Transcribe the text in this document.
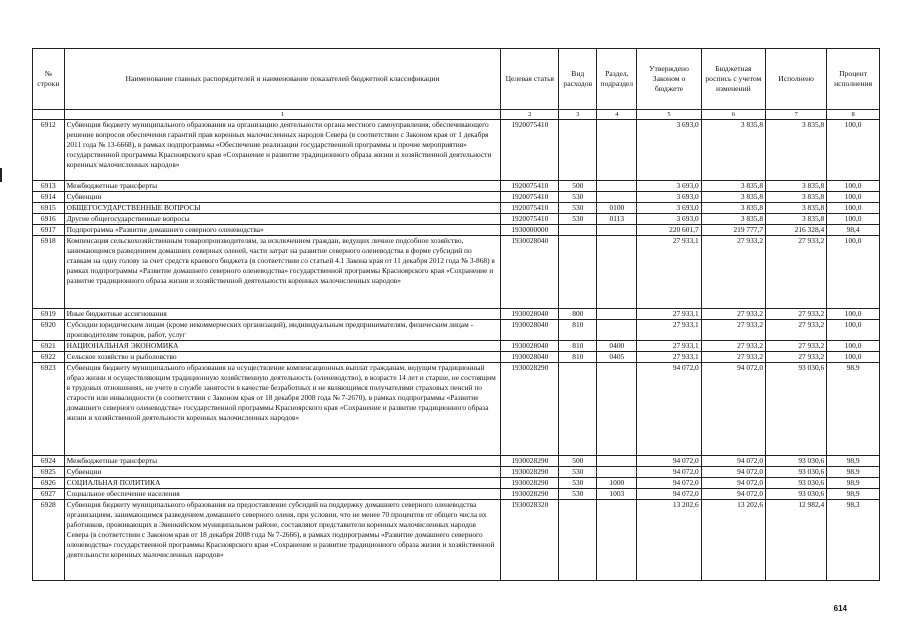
№ строки	Наименование главных распорядителей и наименование показателей бюджетной классификации	Целевая статья	Вид расходов	Раздел, подраздел	Утверждено Законом о бюджете	Бюджетная роспись с учетом изменений	Исполнено	Процент исполнения
	1	2	3	4	5	6	7	8
6912	Субвенция бюджету муниципального образования на организацию деятельности органа местного самоуправления, обеспечивающего решение вопросов обеспечения гарантий прав коренных малочисленных народов Севера (в соответствии с Законом края от 1 декабря 2011 года № 13-6668), в рамках подпрограммы «Обеспечение реализации государственной программы и прочие мероприятия» государственной программы Красноярского края «Сохранение и развитие традиционного образа жизни и хозяйственной деятельности коренных малочисленных народов»	1920075410			3 693,0	3 835,8	3 835,8	100,0
6913	Межбюджетные трансферты	1920075410	500		3 693,0	3 835,8	3 835,8	100,0
6914	Субвенции	1920075410	530		3 693,0	3 835,8	3 835,8	100,0
6915	ОБЩЕГОСУДАРСТВЕННЫЕ ВОПРОСЫ	1920075410	530	0100	3 693,0	3 835,8	3 835,8	100,0
6916	Другие общегосударственные вопросы	1920075410	530	0113	3 693,0	3 835,8	3 835,8	100,0
6917	Подпрограмма «Развитие домашнего северного оленеводства»	1930000000			220 601,7	219 777,7	216 328,4	98,4
6918	Компенсация сельскохозяйственным товаропроизводителям, за исключением граждан, ведущих личное подсобное хозяйство, занимающимся разведением домашних северных оленей, части затрат на развитие северного оленеводства в форме субсидий по ставкам на одну голову за счет средств краевого бюджета (в соответствии со статьей 4.1 Закона края от 11 декабря 2012 года № 3-868) в рамках подпрограммы «Развитие домашнего северного оленеводства» государственной программы Красноярского края «Сохранение и развитие традиционного образа жизни и хозяйственной деятельности коренных малочисленных народов»	1930028040			27 933,1	27 933,2	27 933,2	100,0
6919	Иные бюджетные ассигнования	1930028040	800		27 933,1	27 933,2	27 933,2	100,0
6920	Субсидии юридическим лицам (кроме некоммерческих организаций), индивидуальным предпринимателям, физическим лицам - производителям товаров, работ, услуг	1930028040	810		27 933,1	27 933,2	27 933,2	100,0
6921	НАЦИОНАЛЬНАЯ ЭКОНОМИКА	1930028040	810	0400	27 933,1	27 933,2	27 933,2	100,0
6922	Сельское хозяйство и рыболовство	1930028040	810	0405	27 933,1	27 933,2	27 933,2	100,0
6923	Субвенция бюджету муниципального образования на осуществление компенсационных выплат гражданам, ведущим традиционный образ жизни и осуществляющим традиционную хозяйственную деятельность (оленеводство), в возрасте 14 лет и старше, не состоящим в трудовых отношениях, не учете в службе занятости в качестве безработных и не являющимся получателями страховых пенсий по старости или инвалидности (в соответствии с Законом края от 18 декабря 2008 года № 7-2670), в рамках подпрограммы «Развитие домашнего северного оленеводства» государственной программы Красноярского края «Сохранение и развитие традиционного образа жизни и хозяйственной деятельности коренных малочисленных народов»	1930028290			94 072,0	94 072,0	93 030,6	98,9
6924	Межбюджетные трансферты	1930028290	500		94 072,0	94 072,0	93 030,6	98,9
6925	Субвенции	1930028290	530		94 072,0	94 072,0	93 030,6	98,9
6926	СОЦИАЛЬНАЯ ПОЛИТИКА	1930028290	530	1000	94 072,0	94 072,0	93 030,6	98,9
6927	Социальное обеспечение населения	1930028290	530	1003	94 072,0	94 072,0	93 030,6	98,9
6928	Субвенция бюджету муниципального образования на предоставление субсидий на поддержку домашнего северного оленеводства организациям, занимающимся разведением домашнего северного оленя, при условии, что не менее 70 процентов от общего числа их работников, проживающих в Эвенкийском муниципальном районе, составляют представители коренных малочисленных народов Севера (в соответствии с Законом края от 18 декабря 2008 года № 7-2666), в рамках подпрограммы «Развитие домашнего северного оленеводства» государственной программы Красноярского края «Сохранение и развитие традиционного образа жизни и хозяйственной деятельности коренных малочисленных народов»	1930028320			13 202,6	13 202,6	12 982,4	98,3
614
